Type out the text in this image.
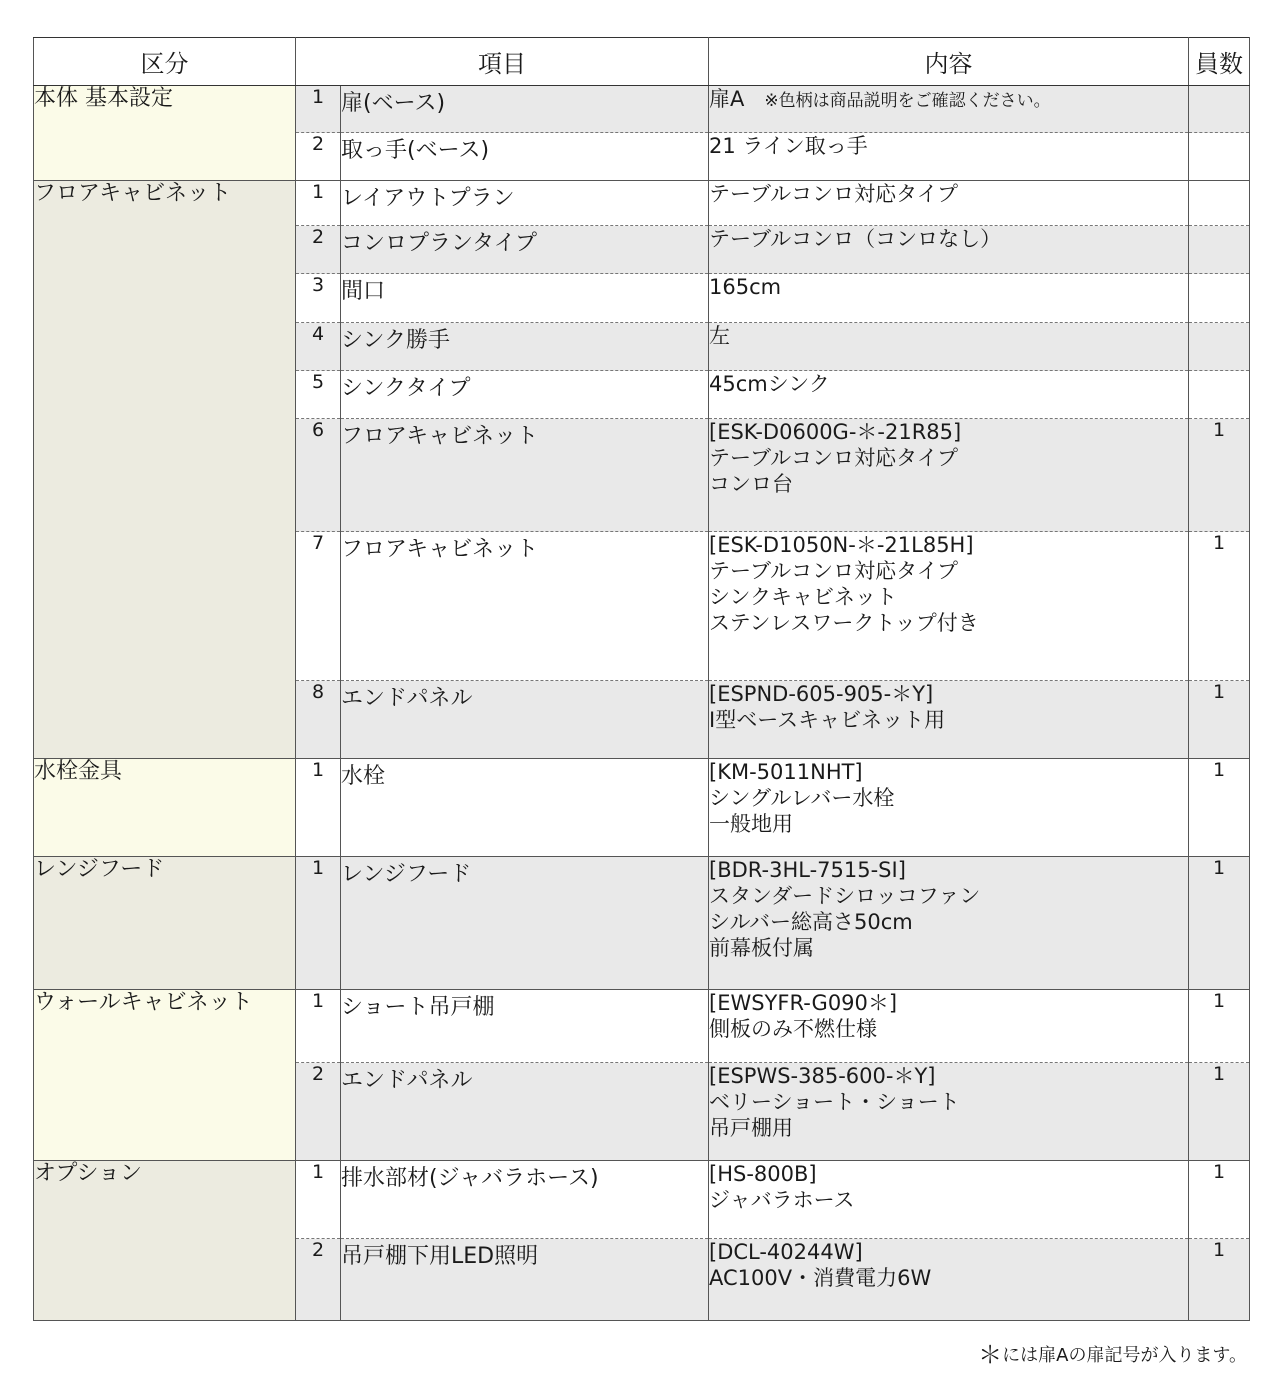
区分	項目		内容	員数
本体 基本設定	1	扉(ベース)	扉A ※色柄は商品説明をご確認ください。	

	2	取っ手(ベース)	21 ライン取っ手	

フロアキャビネット	1	レイアウトプラン	テーブルコンロ対応タイプ	

	2	コンロプランタイプ	テーブルコンロ（コンロなし）	

	3	間口	165cm	

	4	シンク勝手	左	

	5	シンクタイプ	45cmシンク	

	6	フロアキャビネット	[ESK-D0600G-＊-21R85]
テーブルコンロ対応タイプ
コンロ台	1
	7	フロアキャビネット	[ESK-D1050N-＊-21L85H]
テーブルコンロ対応タイプ
シンクキャビネット
ステンレスワークトップ付き	1
	8	エンドパネル	[ESPND-605-905-＊Y]
I型ベースキャビネット用	1
水栓金具	1	水栓	[KM-5011NHT]
シングルレバー水栓
一般地用	1
レンジフード	1	レンジフード	[BDR-3HL-7515-SI]
スタンダードシロッコファン
シルバー総高さ50cm
前幕板付属	1
ウォールキャビネット	1	ショート吊戸棚	[EWSYFR-G090＊]
側板のみ不燃仕様	1
	2	エンドパネル	[ESPWS-385-600-＊Y]
ベリーショート・ショート
吊戸棚用	1
オプション	1	排水部材(ジャバラホース)	[HS-800B]
ジャバラホース	1
	2	吊戸棚下用LED照明	[DCL-40244W]
AC100V・消費電力6W	1
＊には扉Aの扉記号が入ります。
